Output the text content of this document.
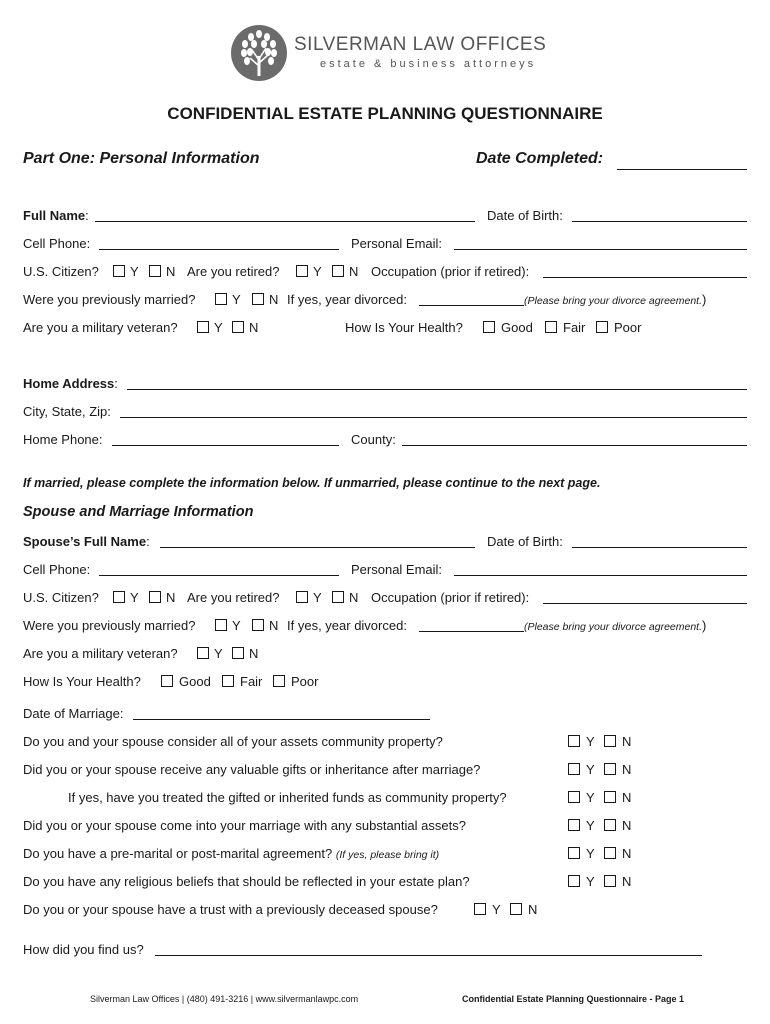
SILVERMAN LAW OFFICES
estate & business attorneys
CONFIDENTIAL ESTATE PLANNING QUESTIONNAIRE
Part One: Personal Information	Date Completed:
Full Name:	Date of Birth:
Cell Phone:	Personal Email:
U.S. Citizen? Y N Are you retired?	Y N Occupation (prior if retired):
Were you previously married?	Y N If yes, year divorced:	(Please bring your divorce agreement.)
Are you a military veteran?	Y N	How Is Your Health?	Good Fair Poor
Home Address:
City, State, Zip:
Home Phone:	County:
If married, please complete the information below. If unmarried, please continue to the next page.
Spouse and Marriage Information
Spouse’s Full Name:	Date of Birth:
Cell Phone:	Personal Email:
U.S. Citizen? Y N Are you retired?	Y N Occupation (prior if retired):
Were you previously married?	Y N If yes, year divorced:	(Please bring your divorce agreement.)
Are you a military veteran?	Y N
How Is Your Health?	Good Fair Poor
Date of Marriage:
Do you and your spouse consider all of your assets community property?	Y N
Did you or your spouse receive any valuable gifts or inheritance after marriage?	Y N
If yes, have you treated the gifted or inherited funds as community property?	Y N
Did you or your spouse come into your marriage with any substantial assets?	Y N
Do you have a pre-marital or post-marital agreement? (If yes, please bring it)	Y N
Do you have any religious beliefs that should be reflected in your estate plan?	Y N
Do you or your spouse have a trust with a previously deceased spouse?	Y N
How did you find us?
Silverman Law Offices | (480) 491-3216 | www.silvermanlawpc.com	Confidential Estate Planning Questionnaire - Page 1
